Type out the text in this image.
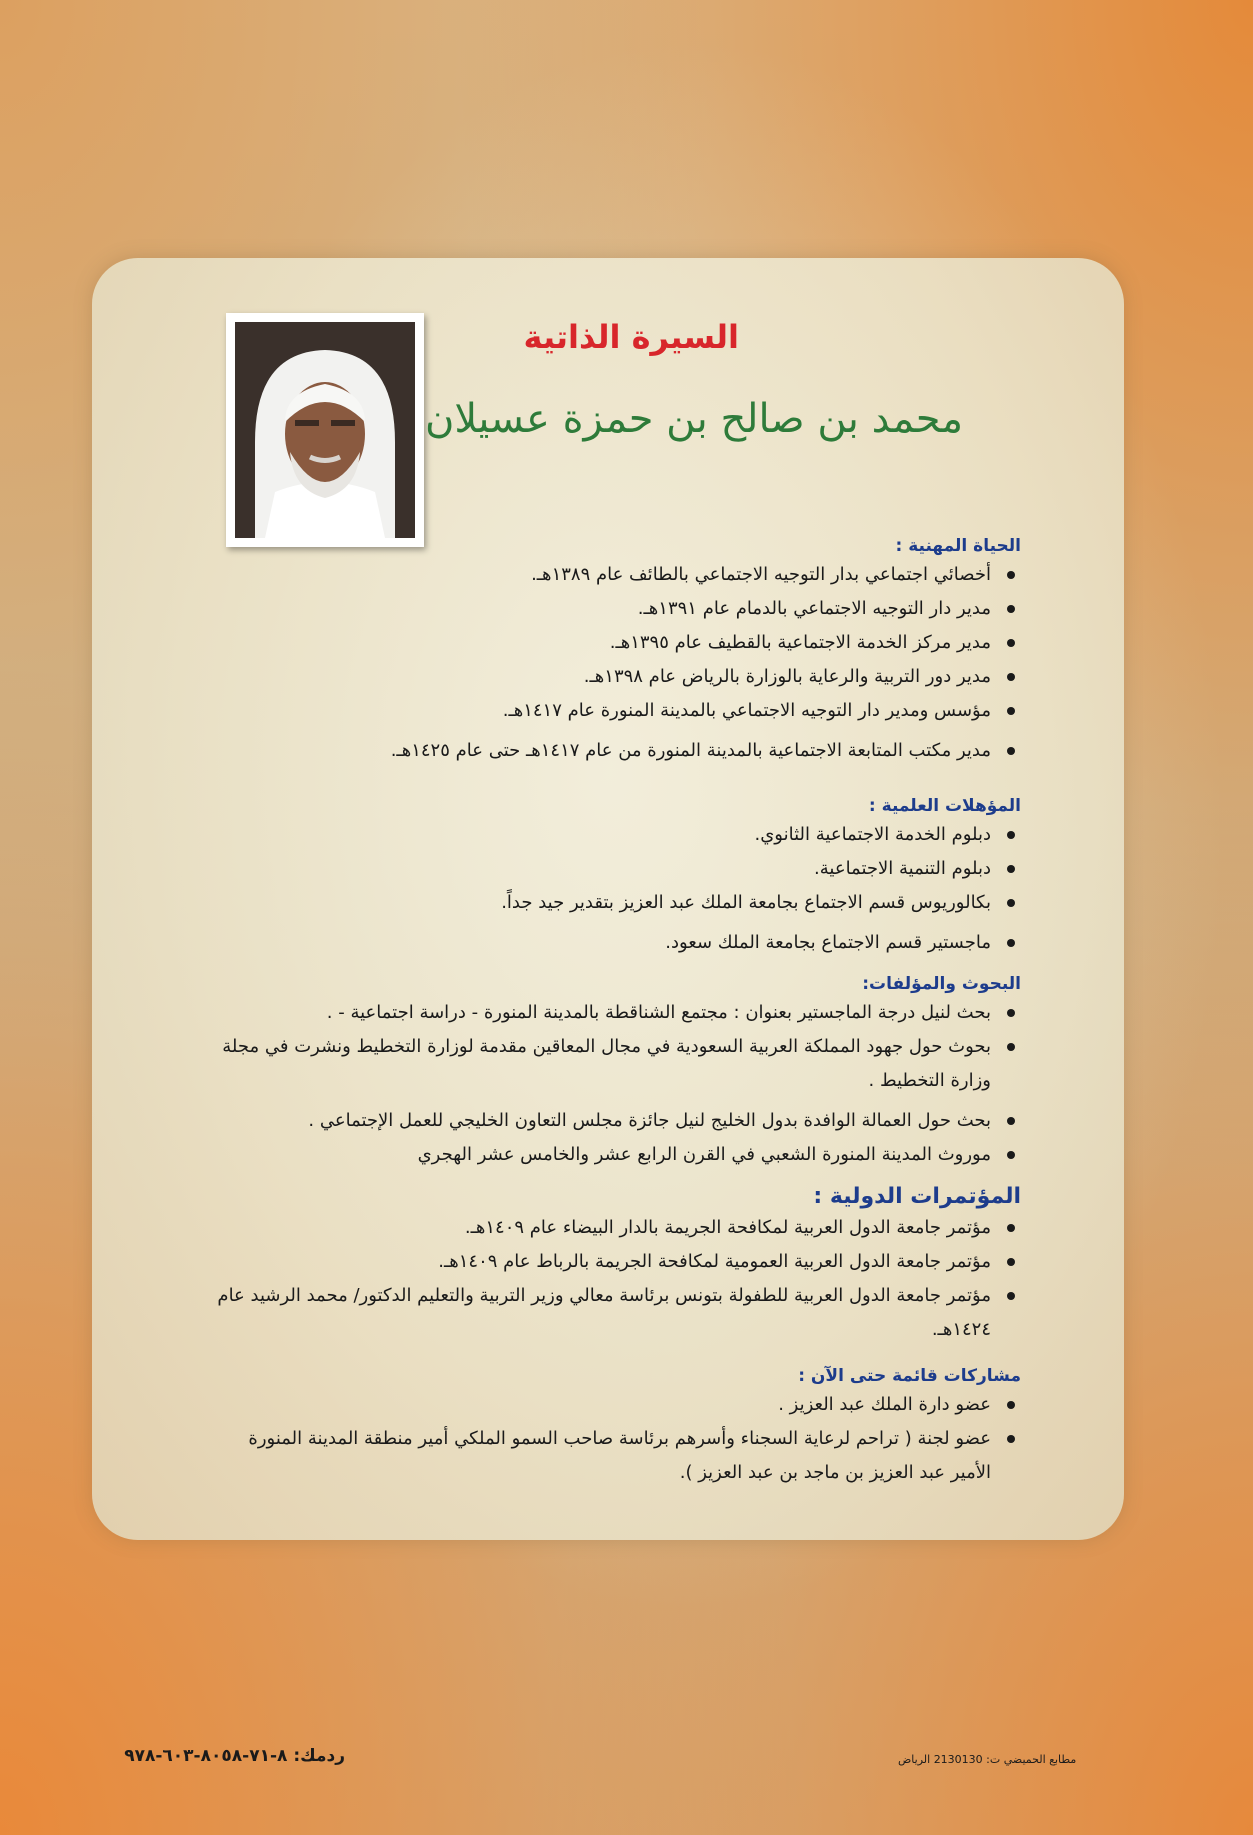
السيرة الذاتية
محمد بن صالح بن حمزة عسيلان

الحياة المهنية :

أخصائي اجتماعي بدار التوجيه الاجتماعي بالطائف عام ١٣٨٩هـ.
مدير دار التوجيه الاجتماعي بالدمام عام ١٣٩١هـ.
مدير مركز الخدمة الاجتماعية بالقطيف عام ١٣٩٥هـ.
مدير دور التربية والرعاية بالوزارة بالرياض عام ١٣٩٨هـ.
مؤسس ومدير دار التوجيه الاجتماعي بالمدينة المنورة عام ١٤١٧هـ.
مدير مكتب المتابعة الاجتماعية بالمدينة المنورة من عام ١٤١٧هـ حتى عام ١٤٢٥هـ.

المؤهلات العلمية :

دبلوم الخدمة الاجتماعية الثانوي.
دبلوم التنمية الاجتماعية.
بكالوريوس قسم الاجتماع بجامعة الملك عبد العزيز بتقدير جيد جداً.
ماجستير قسم الاجتماع بجامعة الملك سعود.

البحوث والمؤلفات:

بحث لنيل درجة الماجستير بعنوان : مجتمع الشناقطة بالمدينة المنورة - دراسة اجتماعية - .
بحوث حول جهود المملكة العربية السعودية في مجال المعاقين مقدمة لوزارة التخطيط ونشرت في مجلة وزارة التخطيط .
بحث حول العمالة الوافدة بدول الخليج لنيل جائزة مجلس التعاون الخليجي للعمل الإجتماعي .
موروث المدينة المنورة الشعبي في القرن الرابع عشر والخامس عشر الهجري

المؤتمرات الدولية :

مؤتمر جامعة الدول العربية لمكافحة الجريمة بالدار البيضاء عام ١٤٠٩هـ.
مؤتمر جامعة الدول العربية العمومية لمكافحة الجريمة بالرباط عام ١٤٠٩هـ.
مؤتمر جامعة الدول العربية للطفولة بتونس برئاسة معالي وزير التربية والتعليم الدكتور/ محمد الرشيد عام ١٤٢٤هـ.

مشاركات قائمة حتى الآن :

عضو دارة الملك عبد العزيز .
عضو لجنة ( تراحم لرعاية السجناء وأسرهم برئاسة صاحب السمو الملكي أمير منطقة المدينة المنورة الأمير عبد العزيز بن ماجد بن عبد العزيز ).
ردمك: ٨-٧١-٨٠٥٨-٦٠٣-٩٧٨	مطابع الحميضي ت: 2130130 الرياض
